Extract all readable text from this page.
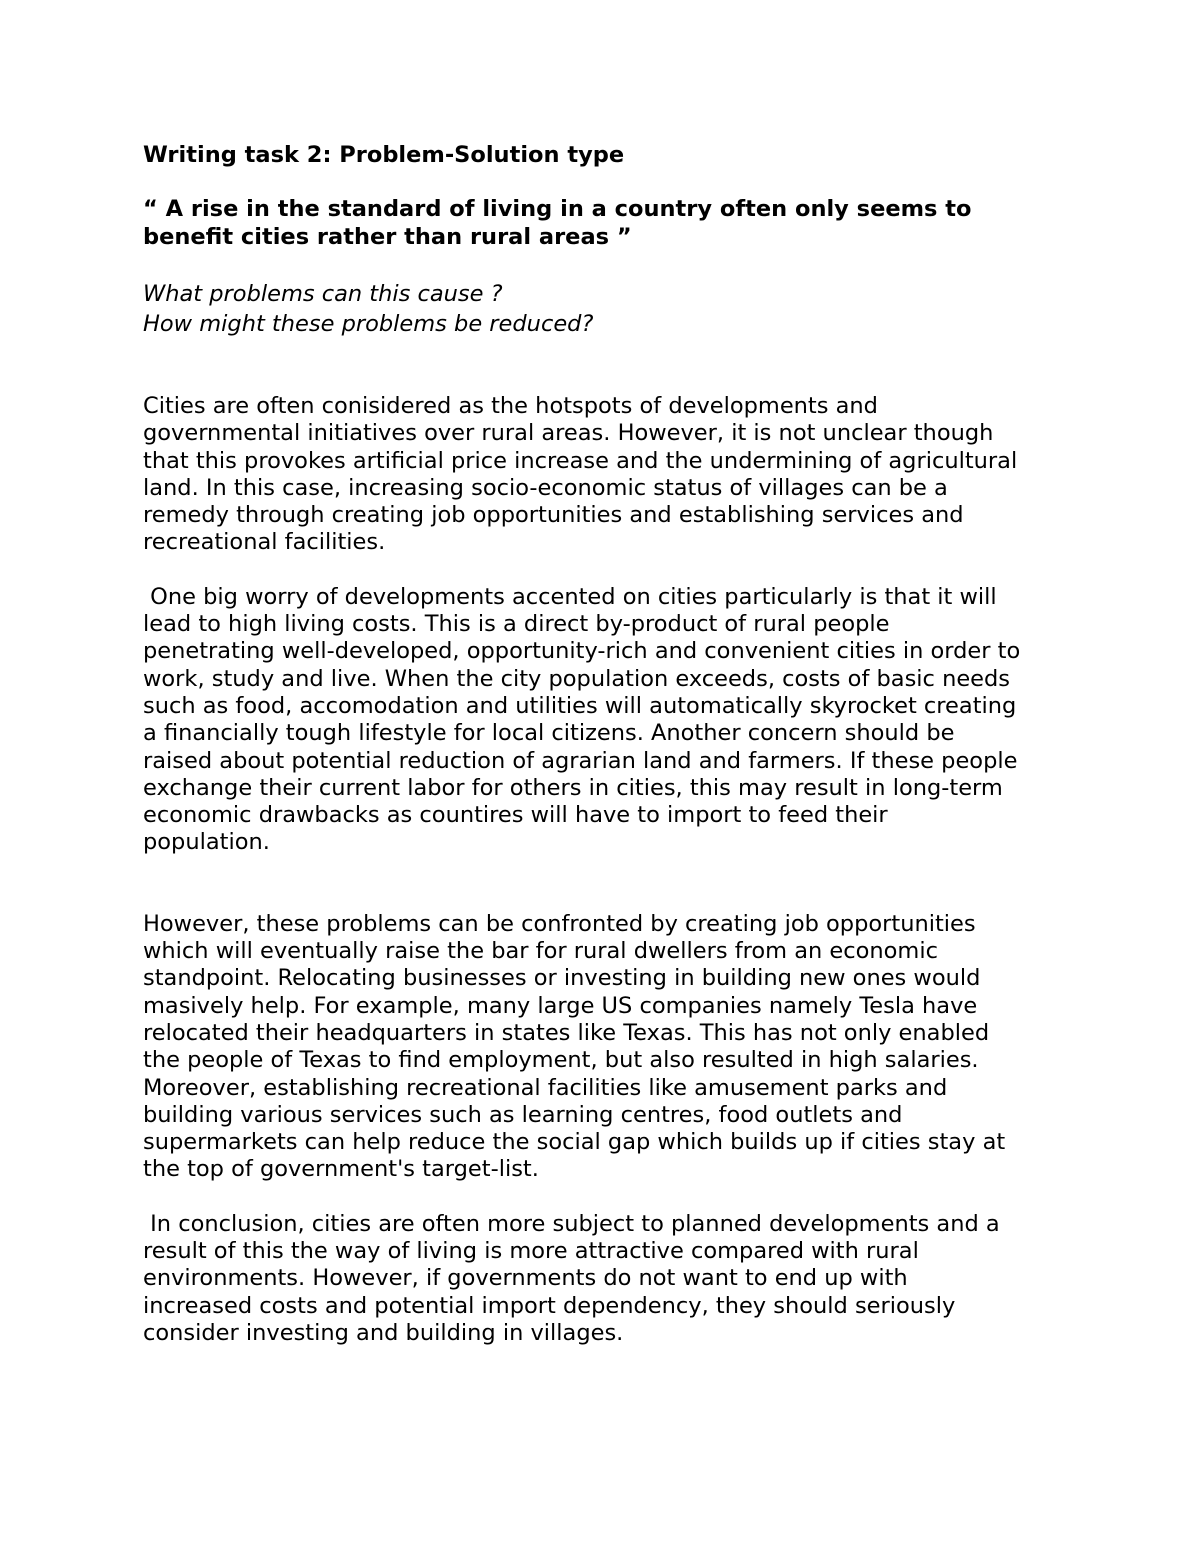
Writing task 2: Problem-Solution type
“ A rise in the standard of living in a country often only seems to
benefit cities rather than rural areas ”
What problems can this cause ?
How might these problems be reduced?
Cities are often conisidered as the hotspots of developments and
governmental initiatives over rural areas. However, it is not unclear though
that this provokes artificial price increase and the undermining of agricultural
land. In this case, increasing socio-economic status of villages can be a
remedy through creating job opportunities and establishing services and
recreational facilities.
One big worry of developments accented on cities particularly is that it will
lead to high living costs. This is a direct by-product of rural people
penetrating well-developed, opportunity-rich and convenient cities in order to
work, study and live. When the city population exceeds, costs of basic needs
such as food, accomodation and utilities will automatically skyrocket creating
a financially tough lifestyle for local citizens. Another concern should be
raised about potential reduction of agrarian land and farmers. If these people
exchange their current labor for others in cities, this may result in long-term
economic drawbacks as countires will have to import to feed their
population.
However, these problems can be confronted by creating job opportunities
which will eventually raise the bar for rural dwellers from an economic
standpoint. Relocating businesses or investing in building new ones would
masively help. For example, many large US companies namely Tesla have
relocated their headquarters in states like Texas. This has not only enabled
the people of Texas to find employment, but also resulted in high salaries.
Moreover, establishing recreational facilities like amusement parks and
building various services such as learning centres, food outlets and
supermarkets can help reduce the social gap which builds up if cities stay at
the top of government's target-list.
In conclusion, cities are often more subject to planned developments and a
result of this the way of living is more attractive compared with rural
environments. However, if governments do not want to end up with
increased costs and potential import dependency, they should seriously
consider investing and building in villages.
